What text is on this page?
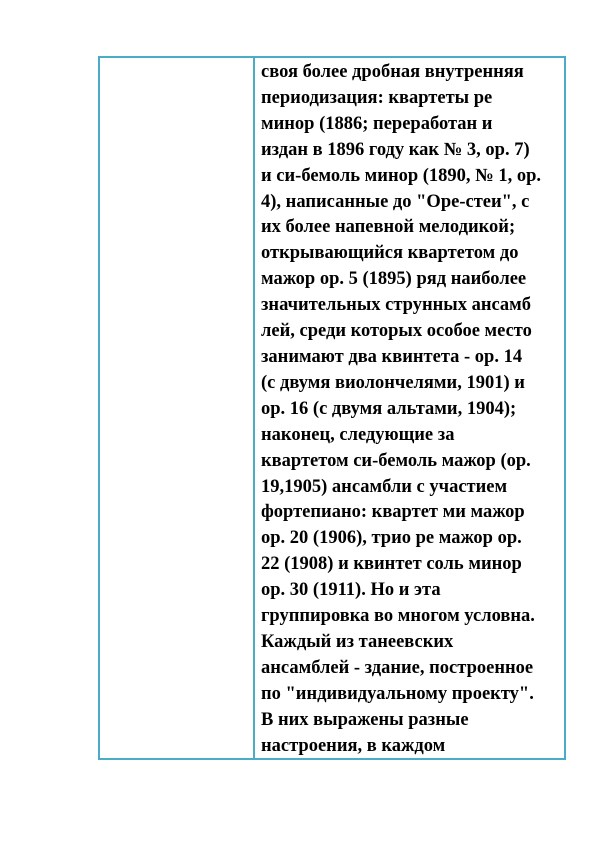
своя более дробная внутренняя
периодизация: квартеты ре
минор (1886; переработан и
издан в 1896 году как № 3, ор. 7)
и си-бемоль минор (1890, № 1, ор.
4), написанные до "Оре-стеи", с
их более напевной мелодикой;
открывающийся квартетом до
мажор ор. 5 (1895) ряд наиболее
значительных струнных ансамб
лей, среди которых особое место
занимают два квинтета - ор. 14
(с двумя виолончелями, 1901) и
ор. 16 (с двумя альтами, 1904);
наконец, следующие за
квартетом си-бемоль мажор (ор.
19,1905) ансамбли с участием
фортепиано: квартет ми мажор
ор. 20 (1906), трио ре мажор ор.
22 (1908) и квинтет соль минор
ор. 30 (1911). Но и эта
группировка во многом условна.
Каждый из танеевских
ансамблей - здание, построенное
по "индивидуальному проекту".
В них выражены разные
настроения, в каждом
